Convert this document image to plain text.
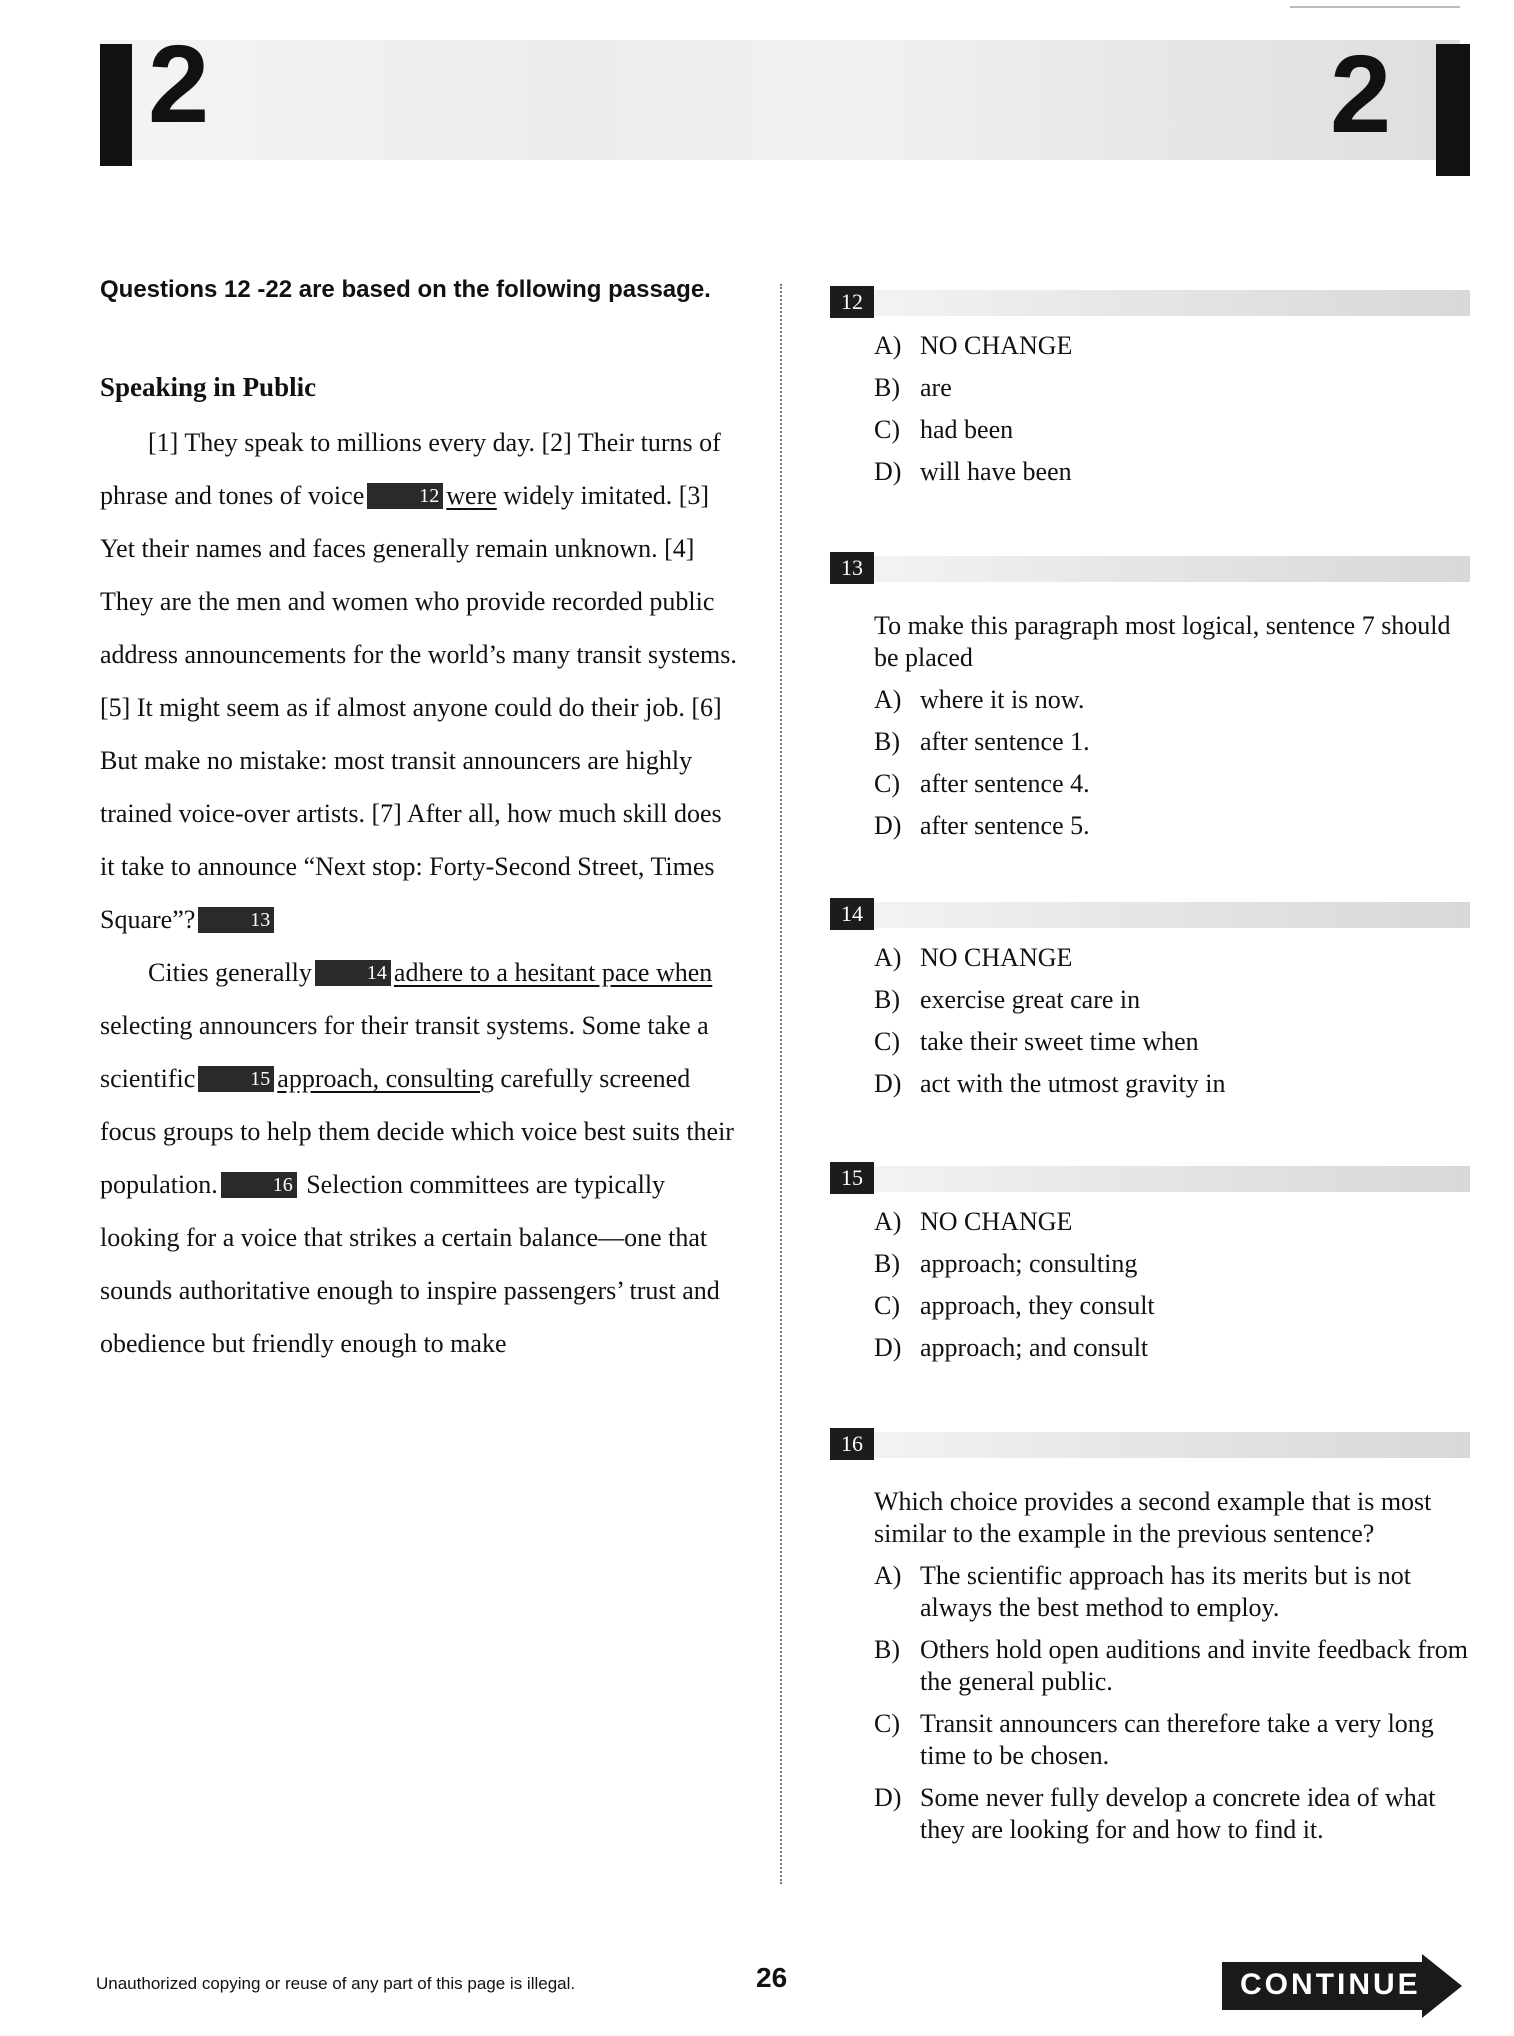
2	2
Questions 12 -22 are based on the following passage.
Speaking in Public

[1] They speak to millions every day. [2] Their turns of phrase and tones of voice	12 were widely imitated. [3] Yet their names and faces generally remain unknown. [4] They are the men and women who provide recorded public address announcements for the world’s many transit systems. [5] It might seem as if almost anyone could do their job. [6] But make no mistake: most transit announcers are highly trained voice-over artists. [7] After all, how much skill does it take to announce “Next stop: Forty-Second Street, Times Square”?	13

Cities generally	14 adhere to a hesitant pace when selecting announcers for their transit systems. Some take a scientific	15 approach, consulting carefully screened focus groups to help them decide which voice best suits their population.	16 Selection committees are typically looking for a voice that strikes a certain balance—one that sounds authoritative enough to inspire passengers’ trust and obedience but friendly enough to make

12
A) NO CHANGE
B) are
C) had been
D) will have been
13
To make this paragraph most logical, sentence 7 should be placed
A) where it is now.
B) after sentence 1.
C) after sentence 4.
D) after sentence 5.
14
A) NO CHANGE
B) exercise great care in
C) take their sweet time when
D) act with the utmost gravity in
15
A) NO CHANGE
B) approach; consulting
C) approach, they consult
D) approach; and consult
16
Which choice provides a second example that is most similar to the example in the previous sentence?
A) The scientific approach has its merits but is not always the best method to employ.
B) Others hold open auditions and invite feedback from the general public.
C) Transit announcers can therefore take a very long time to be chosen.
D) Some never fully develop a concrete idea of what they are looking for and how to find it.
Unauthorized copying or reuse of any part of this page is illegal.	26	CONTINUE
